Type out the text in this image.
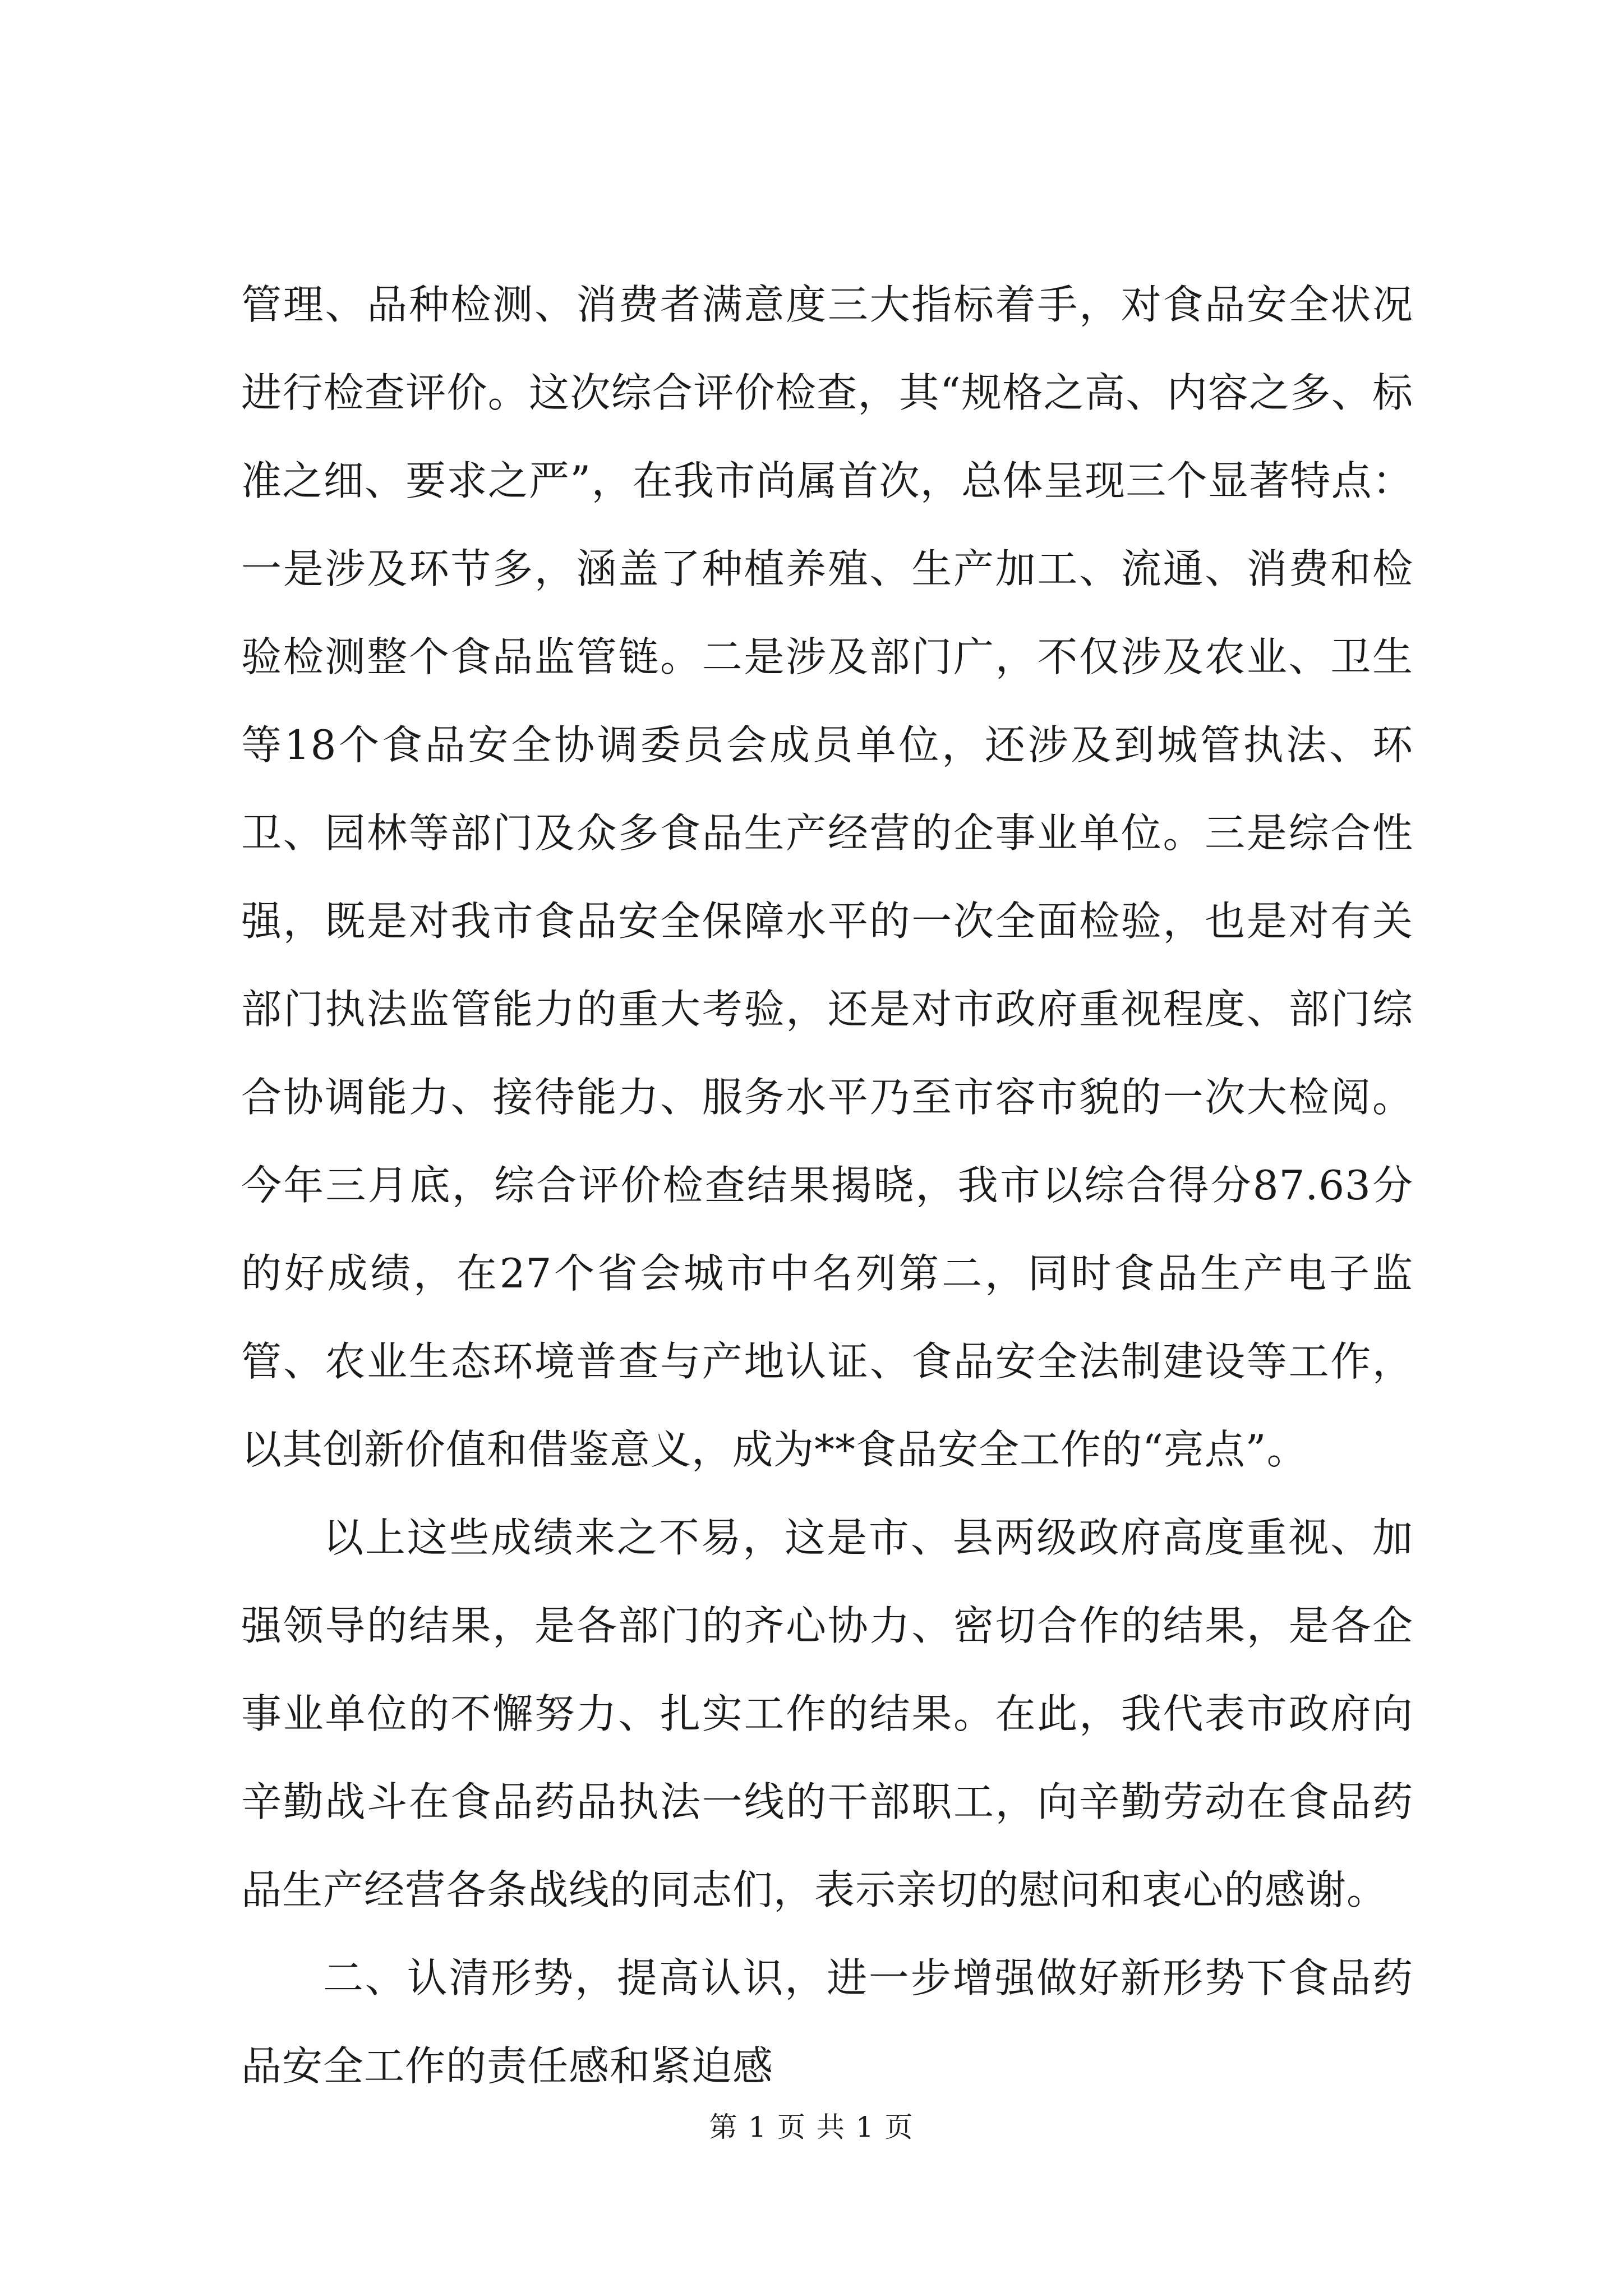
管理、品种检测、消费者满意度三大指标着手，对食品安全状况进行检查评价。这次综合评价检查，其“规格之高、内容之多、标准之细、要求之严”，在我市尚属首次，总体呈现三个显著特点：一是涉及环节多，涵盖了种植养殖、生产加工、流通、消费和检验检测整个食品监管链。二是涉及部门广，不仅涉及农业、卫生等18个食品安全协调委员会成员单位，还涉及到城管执法、环卫、园林等部门及众多食品生产经营的企事业单位。三是综合性强，既是对我市食品安全保障水平的一次全面检验，也是对有关部门执法监管能力的重大考验，还是对市政府重视程度、部门综合协调能力、接待能力、服务水平乃至市容市貌的一次大检阅。今年三月底，综合评价检查结果揭晓，我市以综合得分87.63分的好成绩，在27个省会城市中名列第二，同时食品生产电子监管、农业生态环境普查与产地认证、食品安全法制建设等工作，以其创新价值和借鉴意义，成为**食品安全工作的“亮点”。

以上这些成绩来之不易，这是市、县两级政府高度重视、加强领导的结果，是各部门的齐心协力、密切合作的结果，是各企事业单位的不懈努力、扎实工作的结果。在此，我代表市政府向辛勤战斗在食品药品执法一线的干部职工，向辛勤劳动在食品药品生产经营各条战线的同志们，表示亲切的慰问和衷心的感谢。

二、认清形势，提高认识，进一步增强做好新形势下食品药品安全工作的责任感和紧迫感

第 1 页 共 1 页
